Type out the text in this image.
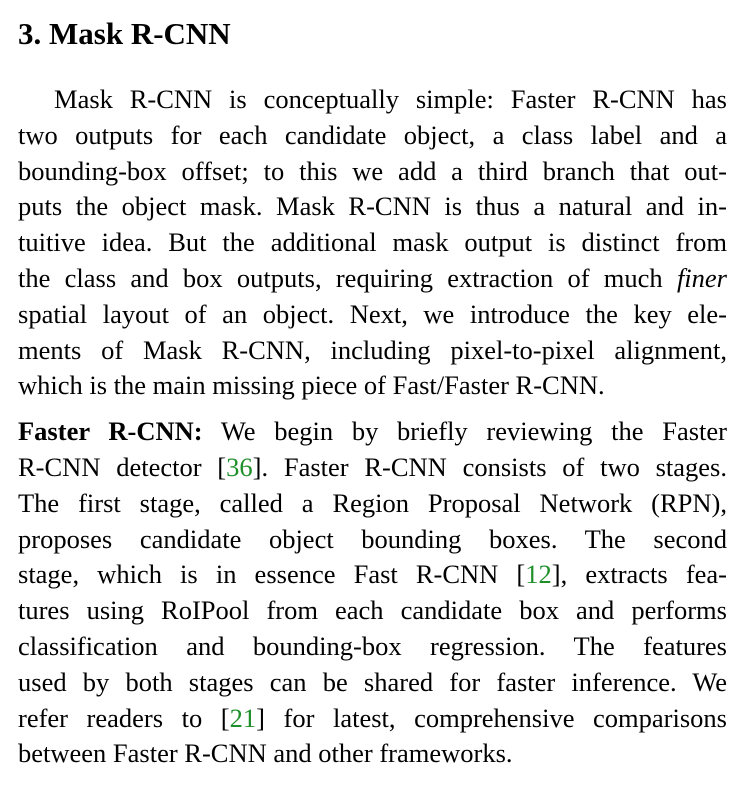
3. Mask R-CNN
Mask R-CNN is conceptually simple: Faster R-CNN has
two outputs for each candidate object, a class label and a
bounding-box offset; to this we add a third branch that out-
puts the object mask. Mask R-CNN is thus a natural and in-
tuitive idea. But the additional mask output is distinct from
the class and box outputs, requiring extraction of much finer
spatial layout of an object. Next, we introduce the key ele-
ments of Mask R-CNN, including pixel-to-pixel alignment,
which is the main missing piece of Fast/Faster R-CNN.
Faster R-CNN: We begin by briefly reviewing the Faster
R-CNN detector [36]. Faster R-CNN consists of two stages.
The first stage, called a Region Proposal Network (RPN),
proposes candidate object bounding boxes. The second
stage, which is in essence Fast R-CNN [12], extracts fea-
tures using RoIPool from each candidate box and performs
classification and bounding-box regression. The features
used by both stages can be shared for faster inference. We
refer readers to [21] for latest, comprehensive comparisons
between Faster R-CNN and other frameworks.
